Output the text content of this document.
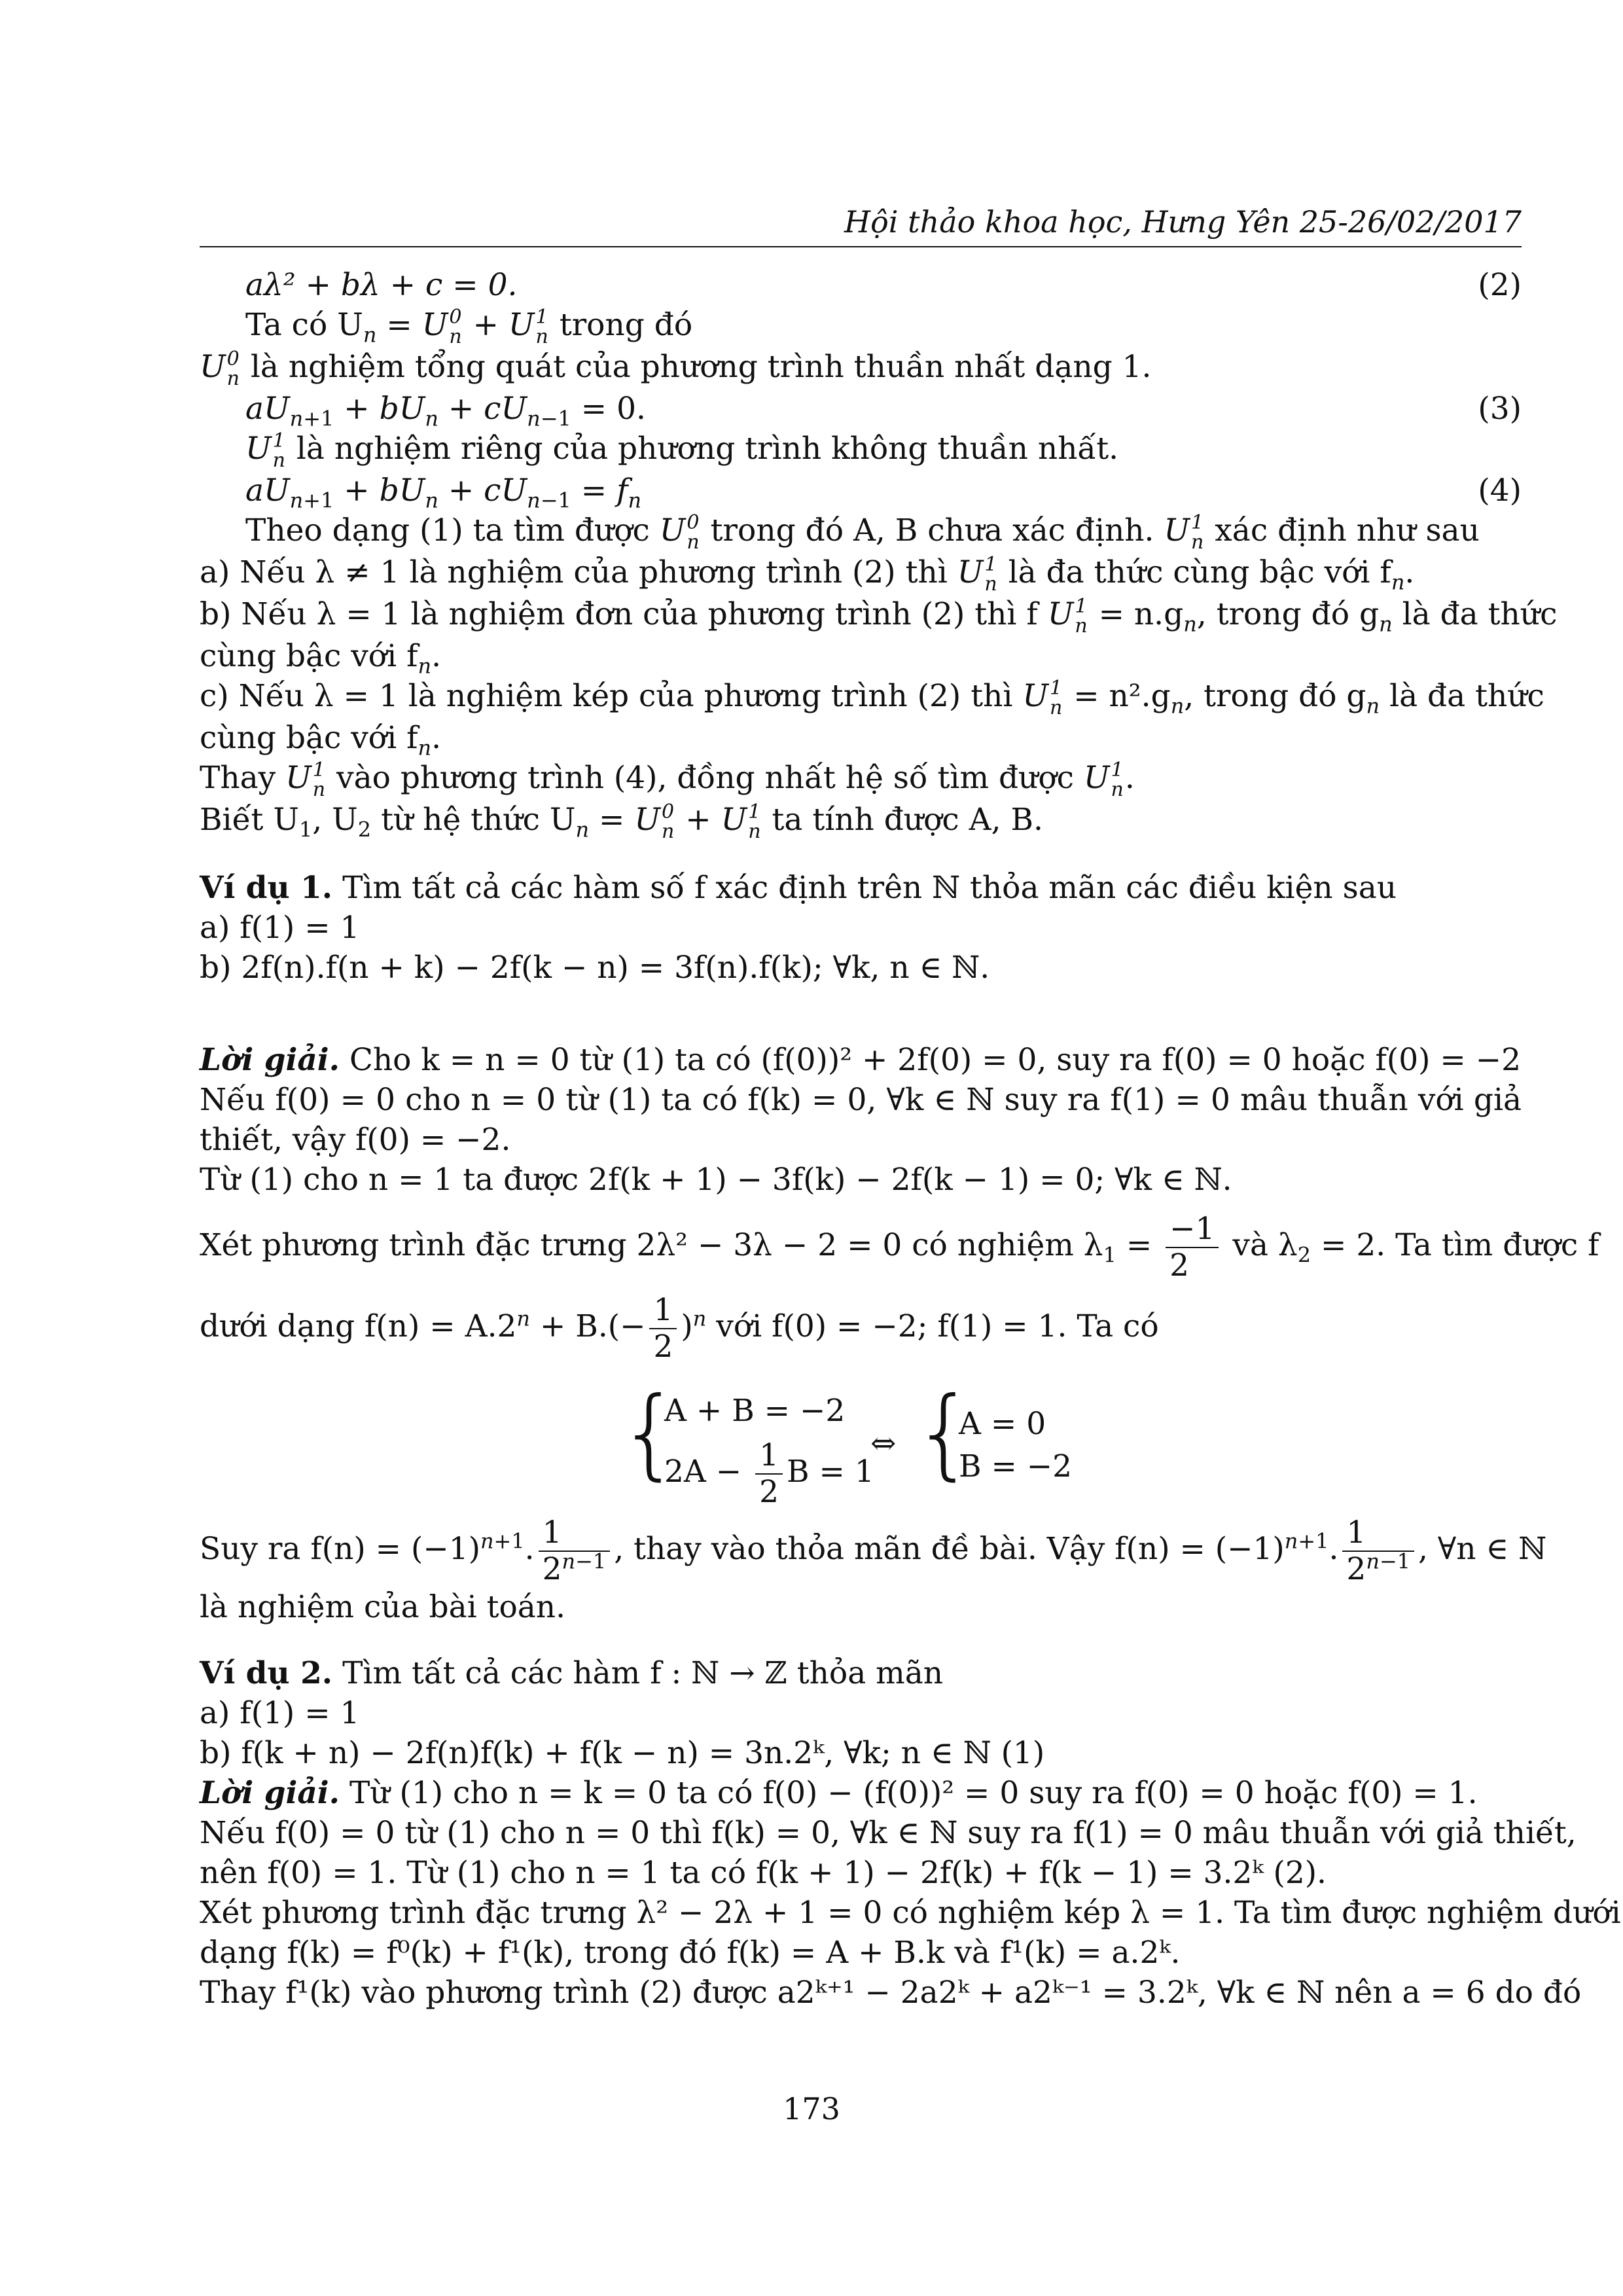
Hội thảo khoa học, Hưng Yên 25-26/02/2017
aλ² + bλ + c = 0.	(2)
Ta có $U_n = U$ 0
n + U 1
n trong đó
U 0
n là nghiệm tổng quát của phương trình thuần nhất dạng 1.
$aU_{n+1} + bU_n + cU_{n-1} = 0$.	(3)
U 1
n là nghiệm riêng của phương trình không thuần nhất.
$aU_{n+1} + bU_n + cU_{n-1} = f_n$	(4)
Theo dạng (1) ta tìm được U 0
n trong đó A, B chưa xác định. U 1
n xác định như sau
a) Nếu λ ≠ 1 là nghiệm của phương trình (2) thì U 1
n là đa thức cùng bậc với $f_n$.
b) Nếu λ = 1 là nghiệm đơn của phương trình (2) thì f U 1
$n = n.g_n$, trong đó $g_n$ là đa thức
cùng bậc với $f_n$.
c) Nếu λ = 1 là nghiệm kép của phương trình (2) thì U 1
$n = n^2.g_n$, trong đó $g_n$ là đa thức
cùng bậc với $f_n$.
Thay U 1
n vào phương trình (4), đồng nhất hệ số tìm được U 1
n .
Biết $U_1$, $U_2$ từ hệ thức $U_n = U$ 0
n + U 1
n ta tính được A, B.
Ví dụ 1. Tìm tất cả các hàm số f xác định trên ℕ thỏa mãn các điều kiện sau
a) f(1) = 1
b) 2f(n).f(n + k) − 2f(k − n) = 3f(n).f(k); ∀k, n ∈ ℕ.
Lời giải. Cho k = n = 0 từ (1) ta có (f(0))² + 2f(0) = 0, suy ra f(0) = 0 hoặc f(0) = −2
Nếu f(0) = 0 cho n = 0 từ (1) ta có f(k) = 0, ∀k ∈ ℕ suy ra f(1) = 0 mâu thuẫn với giả
thiết, vậy f(0) = −2.
Từ (1) cho n = 1 ta được 2f(k + 1) − 3f(k) − 2f(k − 1) = 0; ∀k ∈ ℕ.
Xét phương trình đặc trưng 2λ² − 3λ − 2 = 0 có nghiệm $\lambda_1 = \frac{-1}{2}$ và $\lambda_2 = 2$. Ta tìm được f
dưới dạng $f(n) = A.2^n + B.(- \frac{1}{2} )^n$ với f(0) = −2; f(1) = 1. Ta có
{
A + B = −2
$2A - \frac{1}{2}$ B = 1
⇔ {
A = 0
B = −2
Suy ra $f(n) = (-1)^{n+1}$. $\frac{1}{2^{n-1}}$ , thay vào thỏa mãn đề bài. Vậy $f(n) = (-1)^{n+1}$. $\frac{1}{2^{n-1}}$ , ∀n ∈ ℕ
là nghiệm của bài toán.
Ví dụ 2. Tìm tất cả các hàm f : ℕ → ℤ thỏa mãn
a) f(1) = 1
b) f(k + n) − 2f(n)f(k) + f(k − n) = 3n.2ᵏ, ∀k; n ∈ ℕ (1)
Lời giải. Từ (1) cho n = k = 0 ta có f(0) − (f(0))² = 0 suy ra f(0) = 0 hoặc f(0) = 1.
Nếu f(0) = 0 từ (1) cho n = 0 thì f(k) = 0, ∀k ∈ ℕ suy ra f(1) = 0 mâu thuẫn với giả thiết,
nên f(0) = 1. Từ (1) cho n = 1 ta có f(k + 1) − 2f(k) + f(k − 1) = 3.2ᵏ (2).
Xét phương trình đặc trưng λ² − 2λ + 1 = 0 có nghiệm kép λ = 1. Ta tìm được nghiệm dưới
dạng f(k) = f⁰(k) + f¹(k), trong đó f(k) = A + B.k và f¹(k) = a.2ᵏ.
Thay f¹(k) vào phương trình (2) được a2ᵏ⁺¹ − 2a2ᵏ + a2ᵏ⁻¹ = 3.2ᵏ, ∀k ∈ ℕ nên a = 6 do đó
173
